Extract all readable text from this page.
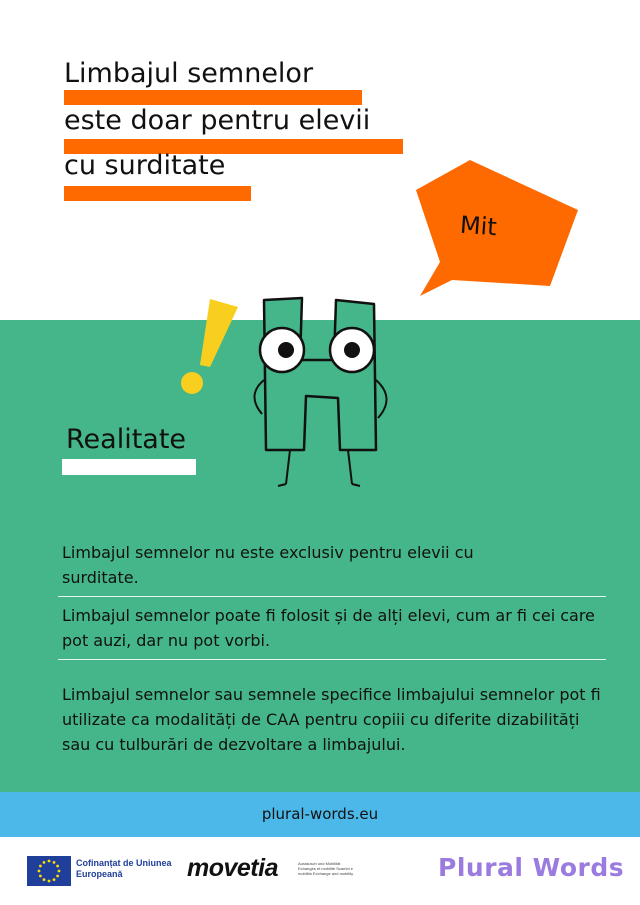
Limbajul semnelor
este doar pentru elevii
cu surditate
Mit
Realitate
Limbajul semnelor nu este exclusiv pentru elevii cu surditate.
Limbajul semnelor poate fi folosit și de alți elevi, cum ar fi cei care pot auzi, dar nu pot vorbi.
Limbajul semnelor sau semnele specifice limbajului semnelor pot fi utilizate ca modalități de CAA pentru copiii cu diferite dizabilități sau cu tulburări de dezvoltare a limbajului.
plural-words.eu
Cofinanțat de Uniunea Europeană	movetia	Austausch und Mobilität Echanges et mobilité Scambi e mobilità Exchange and mobility	Plural Words
